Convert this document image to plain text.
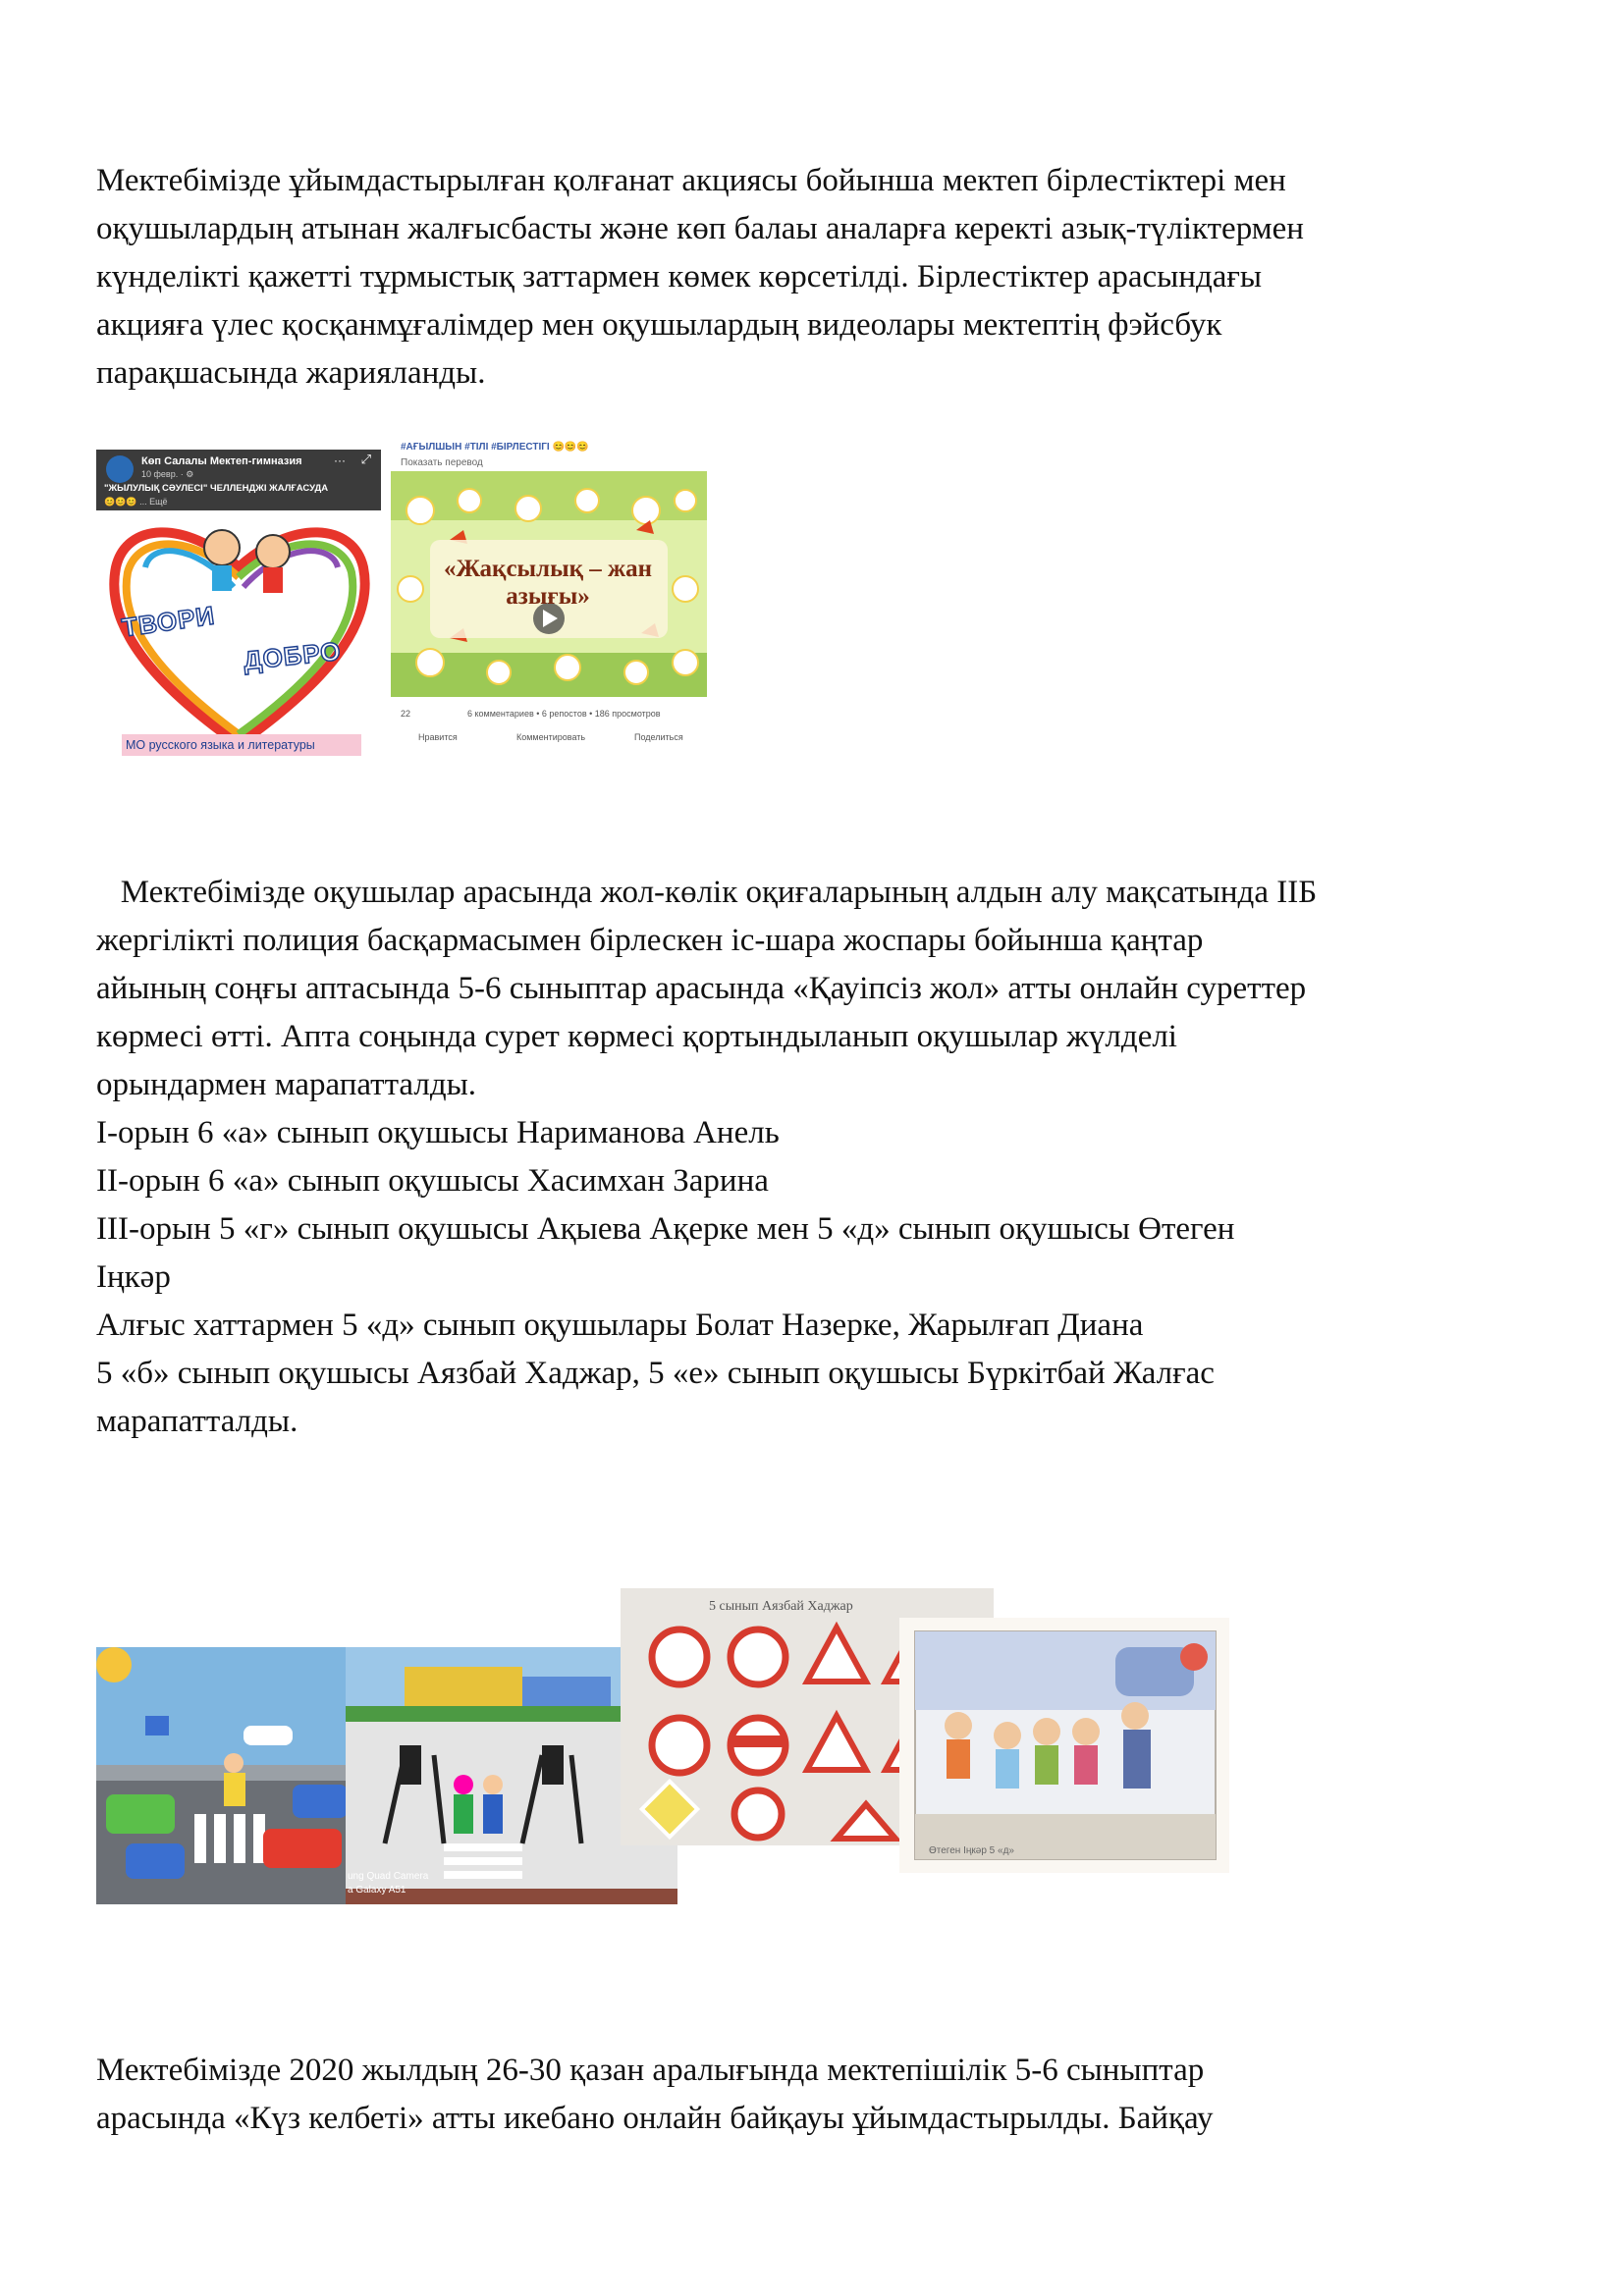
Мектебімізде ұйымдастырылған қолғанат акциясы бойынша мектеп бірлестіктері мен

оқушылардың атынан жалғысбасты және көп балаы аналарға керекті азық-түліктермен

күнделікті қажетті тұрмыстық заттармен көмек көрсетілді. Бірлестіктер арасындағы

акцияға үлес қосқанмұғалімдер мен оқушылардың видеолары мектептің фэйсбук

парақшасында жарияланды.

Көп Салалы Мектеп-гимназия
10 февр. · ⚙
··· ⤢
"ЖЫЛУЛЫҚ СӘУЛЕСІ" ЧЕЛЛЕНДЖІ ЖАЛҒАСУДА
😊😊😊 ... Ещё
ТВОРИ
ДОБРО
МО русского языка и литературы
#АҒЫЛШЫН #ТІЛІ #БІРЛЕСТІГІ 😊😊😊
Показать перевод
«Жақсылық – жан
азығы»
22	6 комментариев • 6 репостов • 186 просмотров
Нравится	Комментировать	Поделиться

Мектебімізде оқушылар арасында жол-көлік оқиғаларының алдын алу мақсатында ІІБ

жергілікті полиция басқармасымен бірлескен іс-шара жоспары бойынша қаңтар

айының соңғы аптасында 5-6 сыныптар арасында «Қауіпсіз жол» атты онлайн суреттер

көрмесі өтті. Апта соңында сурет көрмесі қортындыланып оқушылар жүлделі

орындармен марапатталды.

І-орын 6 «а» сынып оқушысы Нариманова Анель

ІІ-орын 6 «а» сынып оқушысы Хасимхан Зарина

ІІІ-орын 5 «г» сынып оқушысы Ақыева Ақерке мен 5 «д» сынып оқушысы Өтеген

Іңкәр

Алғыс хаттармен 5 «д» сынып оқушылары Болат Назерке, Жарылғап Диана

5 «б» сынып оқушысы Аязбай Хаджар, 5 «е» сынып оқушысы Бүркітбай Жалғас

марапатталды.

ung Quad Camera
a Galaxy A51
5 сынып Аязбай Хаджар
Өтеген Іңкәр 5 «д»

Мектебімізде 2020 жылдың 26-30 қазан аралығында мектепішілік 5-6 сыныптар

арасында «Күз келбеті» атты икебано онлайн байқауы ұйымдастырылды. Байқау
